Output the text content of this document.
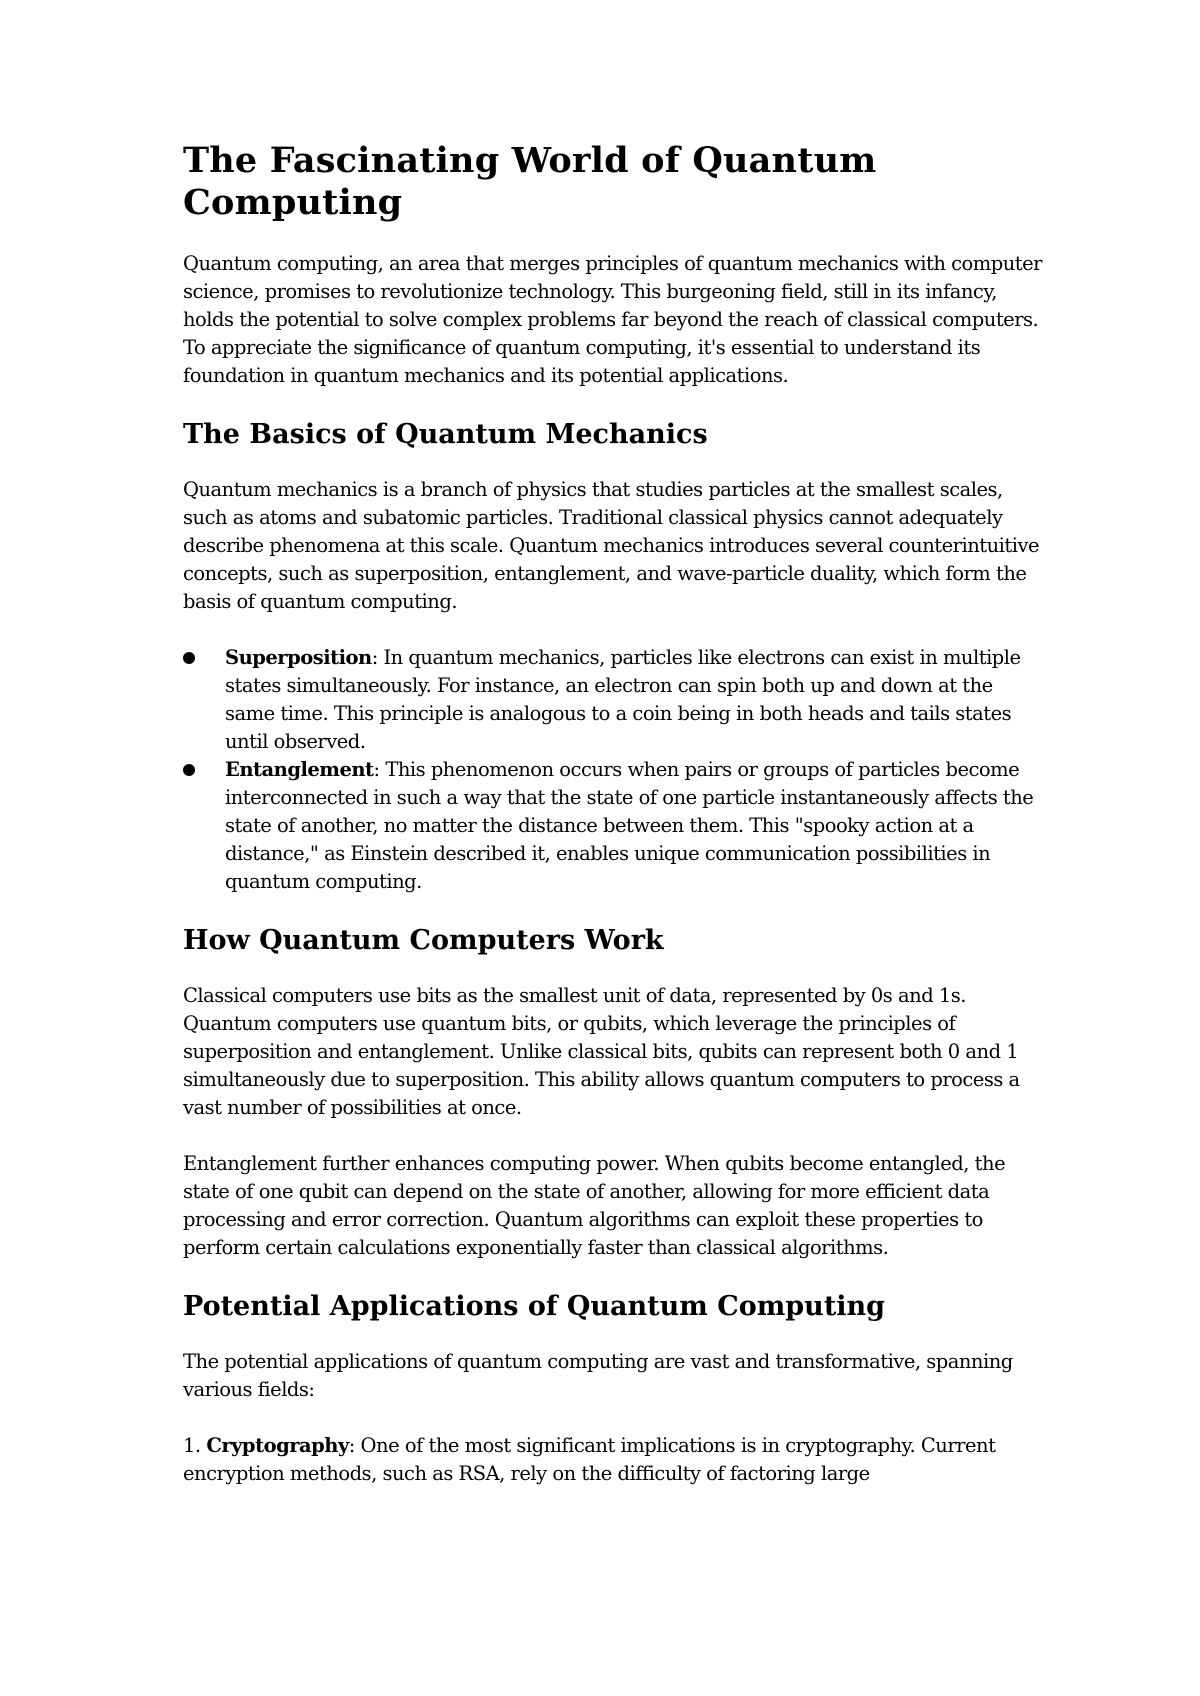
The Fascinating World of Quantum Computing

Quantum computing, an area that merges principles of quantum mechanics with computer science, promises to revolutionize technology. This burgeoning field, still in its infancy, holds the potential to solve complex problems far beyond the reach of classical computers. To appreciate the significance of quantum computing, it's essential to understand its foundation in quantum mechanics and its potential applications.

The Basics of Quantum Mechanics

Quantum mechanics is a branch of physics that studies particles at the smallest scales, such as atoms and subatomic particles. Traditional classical physics cannot adequately describe phenomena at this scale. Quantum mechanics introduces several counterintuitive concepts, such as superposition, entanglement, and wave-particle duality, which form the basis of quantum computing.

Superposition: In quantum mechanics, particles like electrons can exist in multiple states simultaneously. For instance, an electron can spin both up and down at the same time. This principle is analogous to a coin being in both heads and tails states until observed.
Entanglement: This phenomenon occurs when pairs or groups of particles become interconnected in such a way that the state of one particle instantaneously affects the state of another, no matter the distance between them. This "spooky action at a distance," as Einstein described it, enables unique communication possibilities in quantum computing.
How Quantum Computers Work

Classical computers use bits as the smallest unit of data, represented by 0s and 1s. Quantum computers use quantum bits, or qubits, which leverage the principles of superposition and entanglement. Unlike classical bits, qubits can represent both 0 and 1 simultaneously due to superposition. This ability allows quantum computers to process a vast number of possibilities at once.

Entanglement further enhances computing power. When qubits become entangled, the state of one qubit can depend on the state of another, allowing for more efficient data processing and error correction. Quantum algorithms can exploit these properties to perform certain calculations exponentially faster than classical algorithms.

Potential Applications of Quantum Computing

The potential applications of quantum computing are vast and transformative, spanning various fields:

1. Cryptography: One of the most significant implications is in cryptography. Current encryption methods, such as RSA, rely on the difficulty of factoring large
